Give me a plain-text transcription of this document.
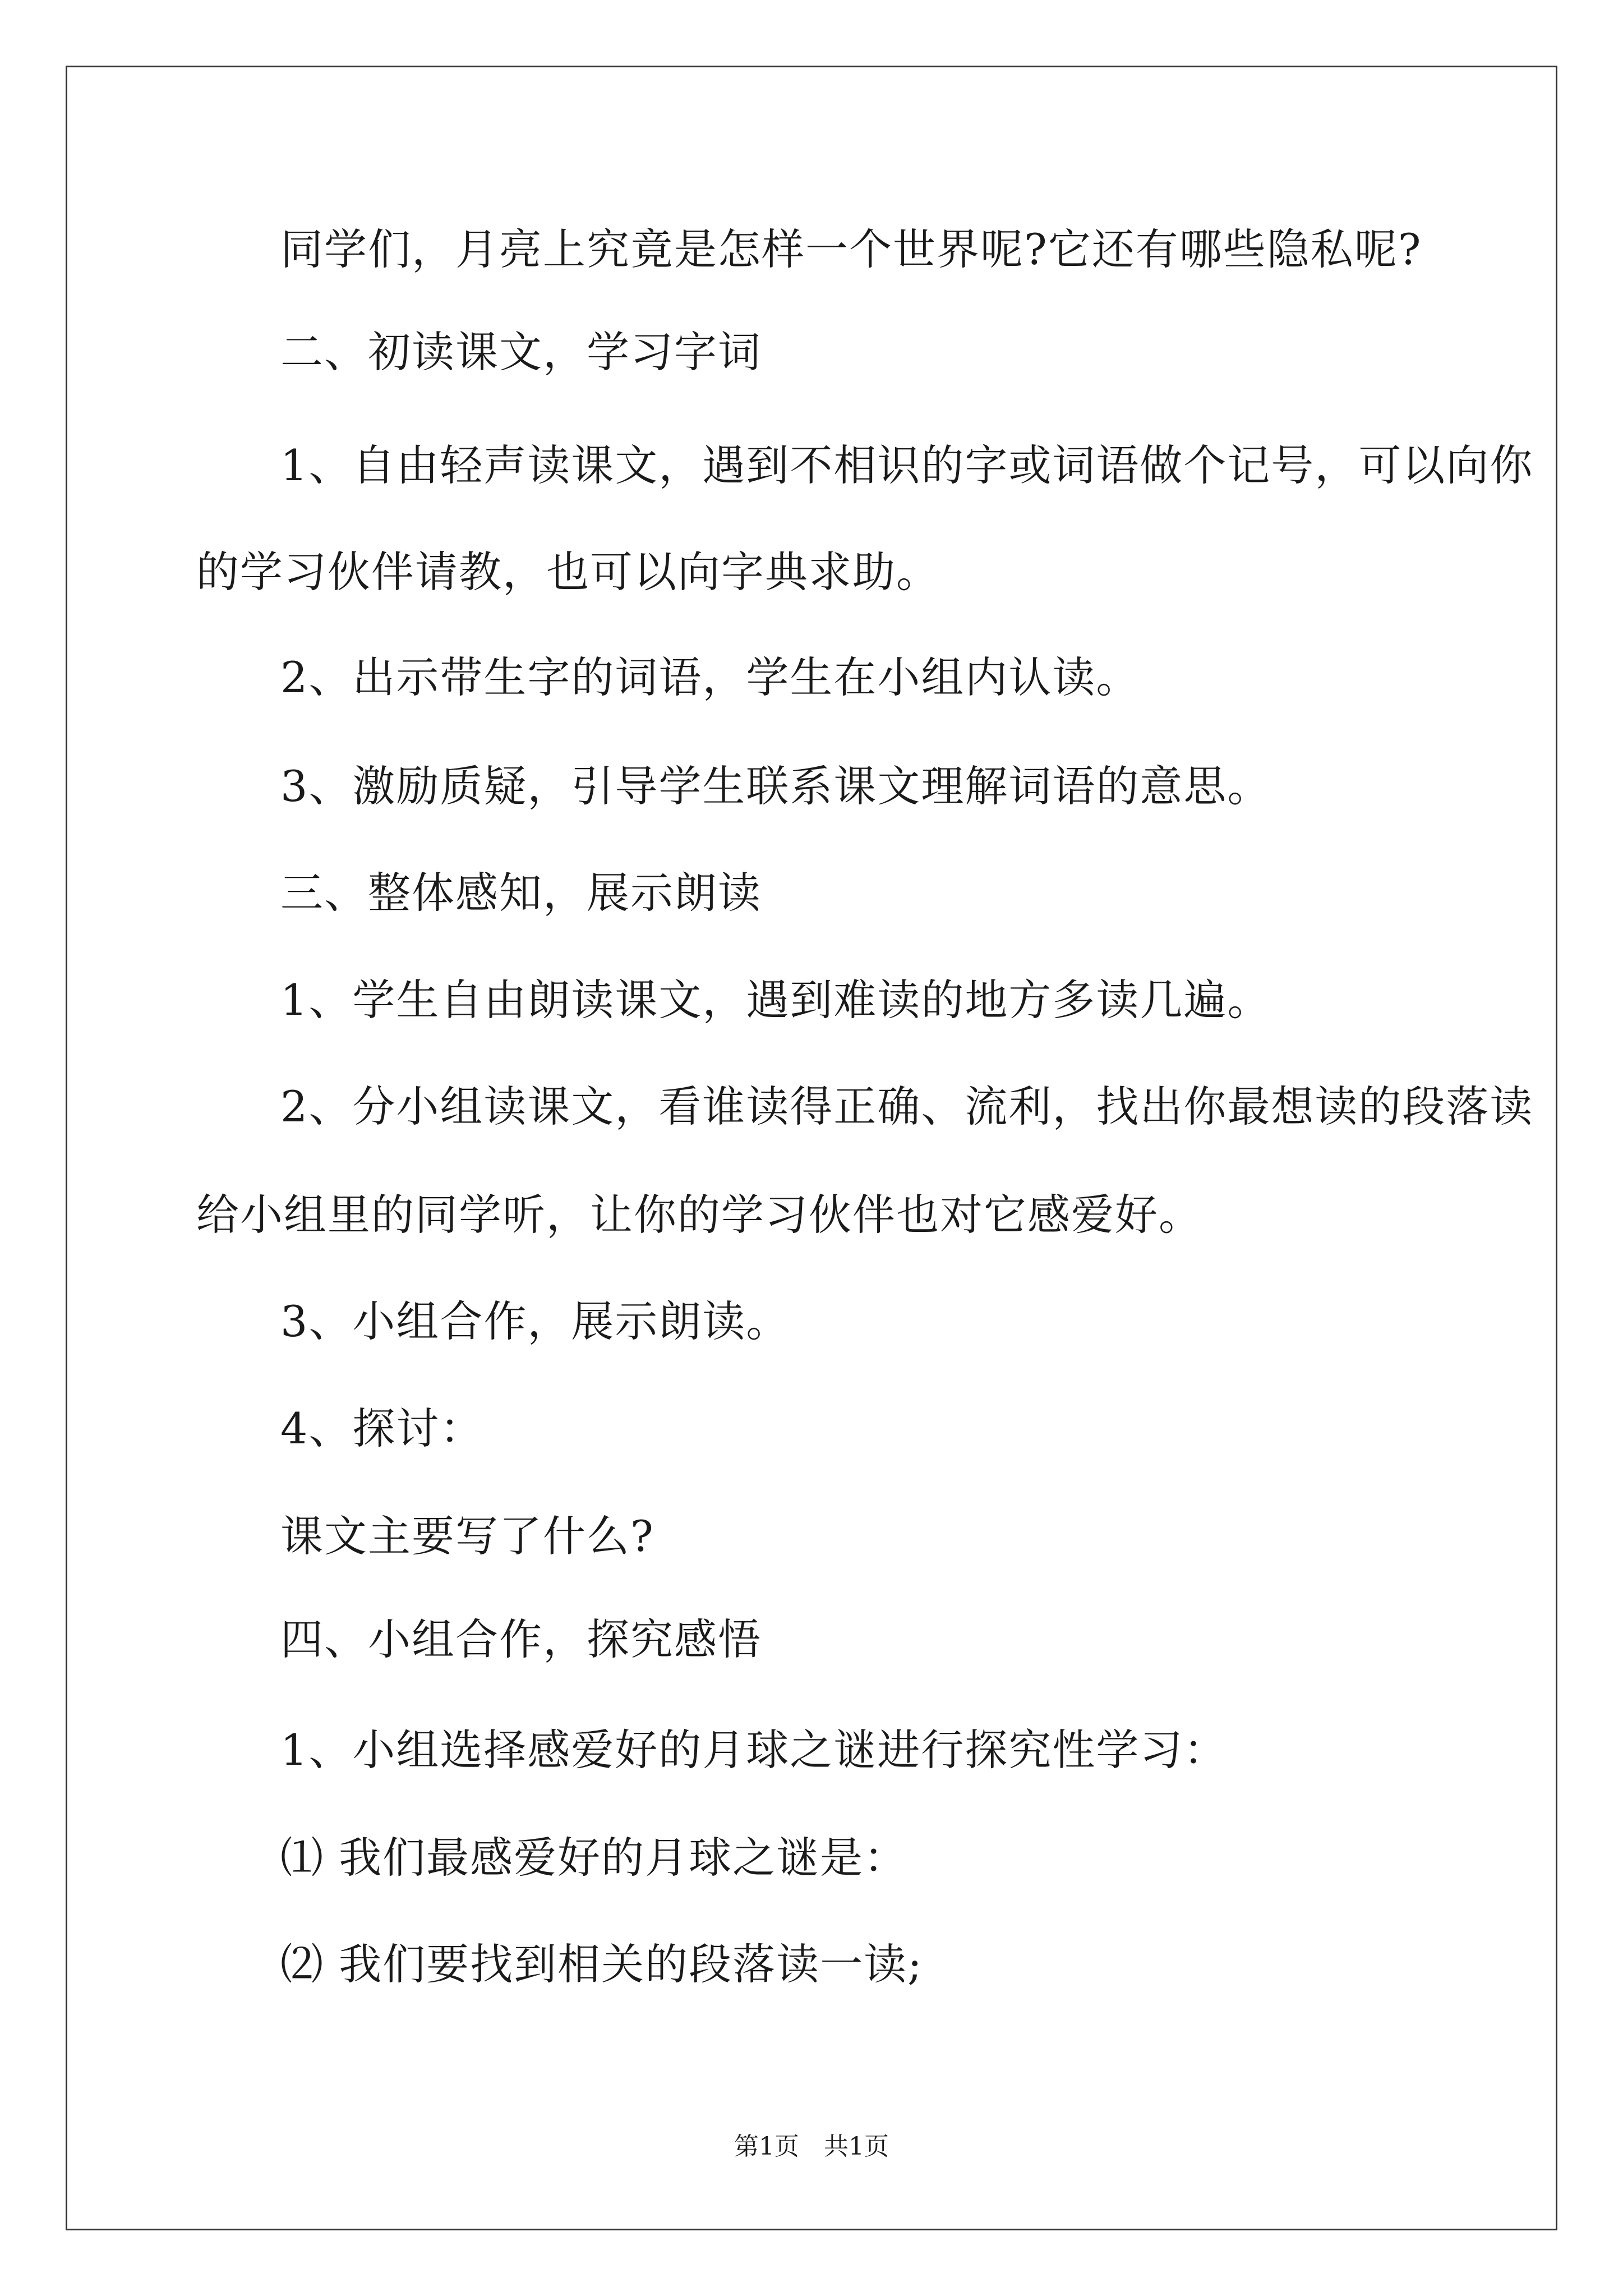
同学们，月亮上究竟是怎样一个世界呢?它还有哪些隐私呢?
二、初读课文，学习字词
1、自由轻声读课文，遇到不相识的字或词语做个记号，可以向你
的学习伙伴请教，也可以向字典求助。
2、出示带生字的词语，学生在小组内认读。
3、激励质疑，引导学生联系课文理解词语的意思。
三、整体感知，展示朗读
1、学生自由朗读课文，遇到难读的地方多读几遍。
2、分小组读课文，看谁读得正确、流利，找出你最想读的段落读
给小组里的同学听，让你的学习伙伴也对它感爱好。
3、小组合作，展示朗读。
4、探讨：
课文主要写了什么?
四、小组合作，探究感悟
1、小组选择感爱好的月球之谜进行探究性学习：
⑴ 我们最感爱好的月球之谜是：
⑵ 我们要找到相关的段落读一读;
第1页　共1页
